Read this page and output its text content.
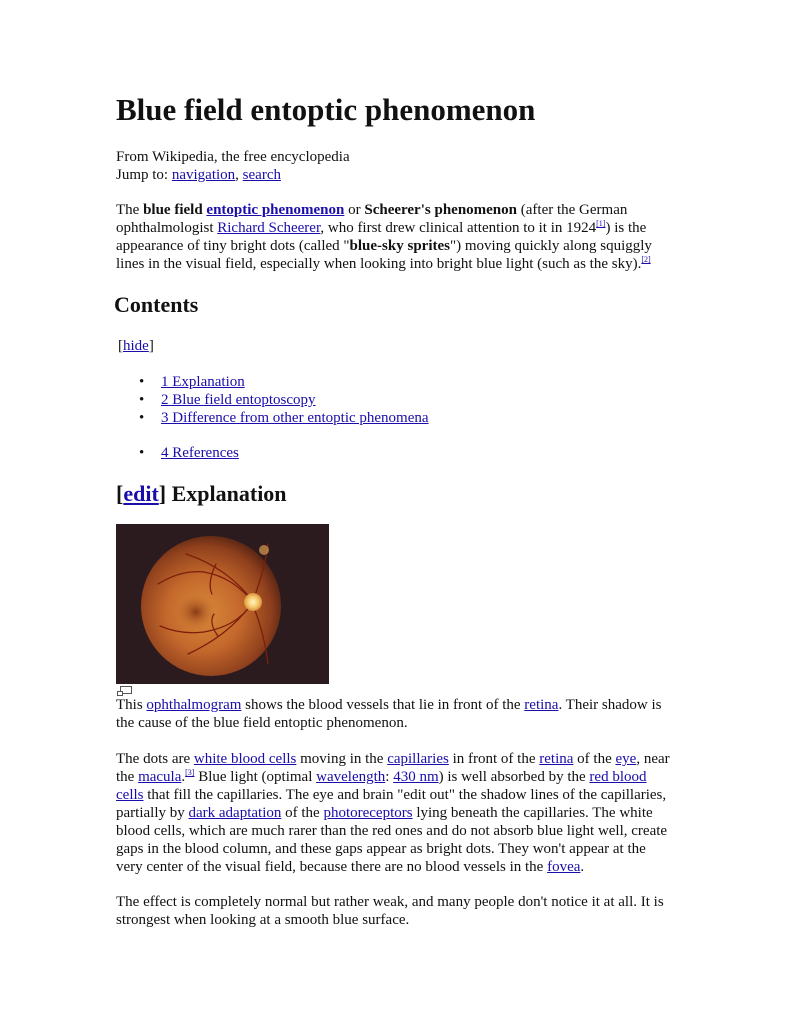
Blue field entoptic phenomenon
From Wikipedia, the free encyclopedia
Jump to: navigation, search

The blue field entoptic phenomenon or Scheerer's phenomenon (after the German ophthalmologist Richard Scheerer, who first drew clinical attention to it in 1924[1]) is the appearance of tiny bright dots (called "blue-sky sprites") moving quickly along squiggly lines in the visual field, especially when looking into bright blue light (such as the sky).[2]

Contents
[hide]
• 1 Explanation
• 2 Blue field entoptoscopy
• 3 Difference from other entoptic phenomena
• 4 References
[edit] Explanation

This ophthalmogram shows the blood vessels that lie in front of the retina. Their shadow is the cause of the blue field entoptic phenomenon.

The dots are white blood cells moving in the capillaries in front of the retina of the eye, near the macula.[3] Blue light (optimal wavelength: 430 nm) is well absorbed by the red blood cells that fill the capillaries. The eye and brain "edit out" the shadow lines of the capillaries, partially by dark adaptation of the photoreceptors lying beneath the capillaries. The white blood cells, which are much rarer than the red ones and do not absorb blue light well, create gaps in the blood column, and these gaps appear as bright dots. They won't appear at the very center of the visual field, because there are no blood vessels in the fovea.

The effect is completely normal but rather weak, and many people don't notice it at all. It is strongest when looking at a smooth blue surface.
